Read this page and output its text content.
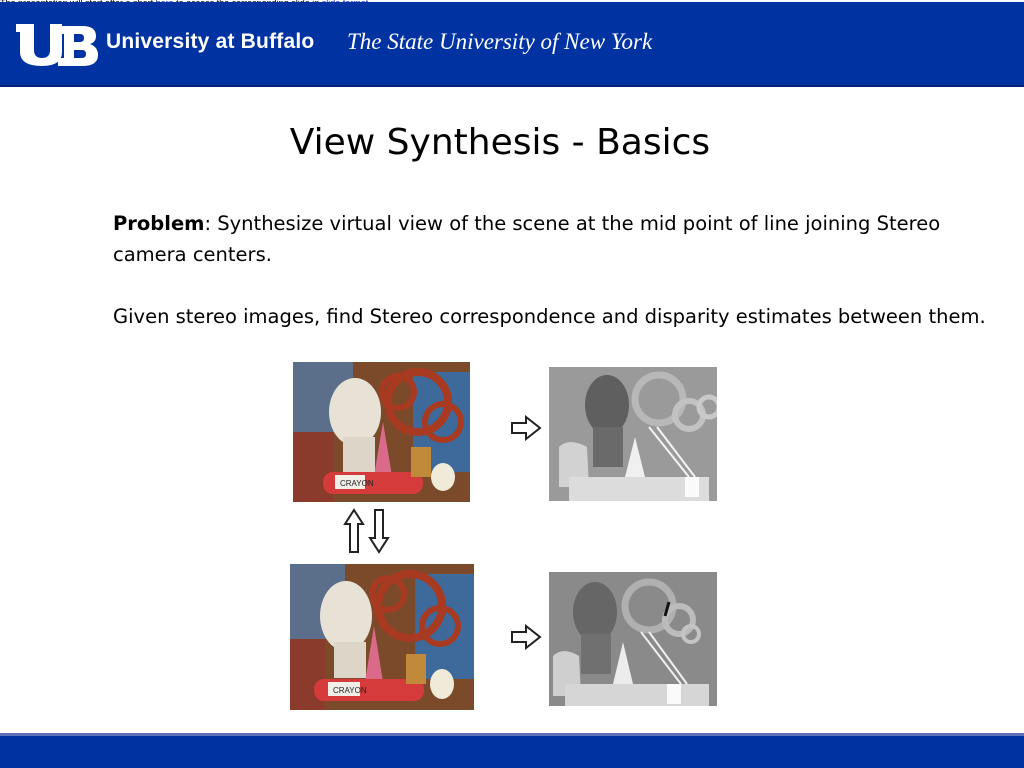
University at Buffalo The State University of New York
View Synthesis - Basics
Problem: Synthesize virtual view of the scene at the mid point of line joining Stereo camera centers.
Given stereo images, find Stereo correspondence and disparity estimates between them.
CRAYON
CRAYON
